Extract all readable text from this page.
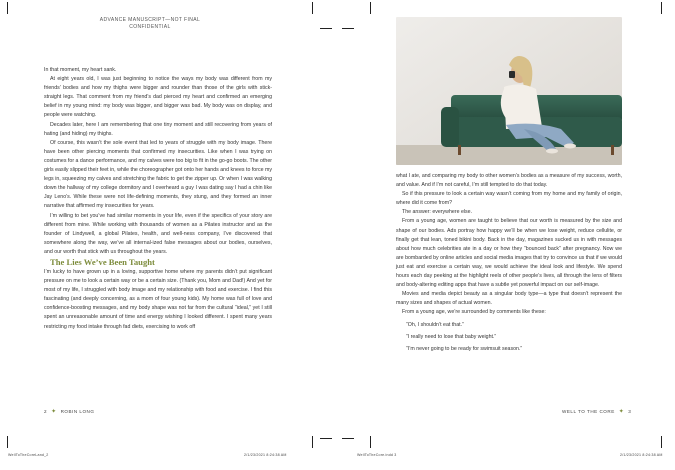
ADVANCE MANUSCRIPT—NOT FINAL
CONFIDENTIAL

In that moment, my heart sank.

At eight years old, I was just beginning to notice the ways my body was different from my friends’ bodies and how my thighs were bigger and rounder than those of the girls with stick-straight legs. That comment from my friend’s dad pierced my heart and confirmed an emerging belief in my young mind: my body was bigger, and bigger was bad. My body was on display, and people were watching.

Decades later, here I am remembering that one tiny moment and still recovering from years of hating (and hiding) my thighs.

Of course, this wasn’t the sole event that led to years of struggle with my body image. There have been other piercing moments that confirmed my insecurities. Like when I was trying on costumes for a dance performance, and my calves were too big to fit in the go-go boots. The other girls easily slipped their feet in, while the choreographer got onto her hands and knees to force my legs in, squeezing my calves and stretching the fabric to get the zipper up. Or when I was walking down the hallway of my college dormitory and I overheard a guy I was dating say I had a chin like Jay Leno’s. While these were not life-defining moments, they stung, and they formed an inner narrative that affirmed my insecurities for years.

I’m willing to bet you’ve had similar moments in your life, even if the specifics of your story are different from mine. While working with thousands of women as a Pilates instructor and as the founder of Lindywell, a global Pilates, health, and well-ness company, I’ve discovered that somewhere along the way, we’ve all internal-ized false messages about our bodies, ourselves, and our worth that stick with us throughout the years.

The Lies We’ve Been Taught

I’m lucky to have grown up in a loving, supportive home where my parents didn’t put significant pressure on me to look a certain way or be a certain size. (Thank you, Mom and Dad!) And yet for most of my life, I struggled with body image and my relationship with food and exercise. I find this fascinating (and deeply concerning, as a mom of four young kids). My home was full of love and confidence-boosting messages, and my body shape was not far from the cultural “ideal,” yet I still spent an unreasonable amount of time and energy wishing I looked different. I spent many years restricting my food intake through fad diets, exercising to work off

2 ✦ ROBIN LONG

what I ate, and comparing my body to other women’s bodies as a measure of my success, worth, and value. And if I’m not careful, I’m still tempted to do that today.

So if this pressure to look a certain way wasn’t coming from my home and my family of origin, where did it come from?

The answer: everywhere else.

From a young age, women are taught to believe that our worth is measured by the size and shape of our bodies. Ads portray how happy we’ll be when we lose weight, reduce cellulite, or finally get that lean, toned bikini body. Back in the day, magazines sucked us in with messages about how much celebrities ate in a day or how they “bounced back” after pregnancy. Now we are bombarded by online articles and social media images that try to convince us that if we would just eat and exercise a certain way, we would achieve the ideal look and lifestyle. We spend hours each day peeking at the highlight reels of other people’s lives, all through the lens of filters and body-altering editing apps that have a subtle yet powerful impact on our self-image.

Movies and media depict beauty as a singular body type—a type that doesn’t represent the many sizes and shapes of actual women.

From a young age, we’re surrounded by comments like these:

“Oh, I shouldn’t eat that.”

“I really need to lose that baby weight.”

“I’m never going to be ready for swimsuit season.”

WELL TO THE CORE ✦ 3
WellToTheCoreLand_2	2/1/23/2021 8:24:38 AM	WellToTheCore.indd 3	2/1/23/2021 8:24:38 AM
